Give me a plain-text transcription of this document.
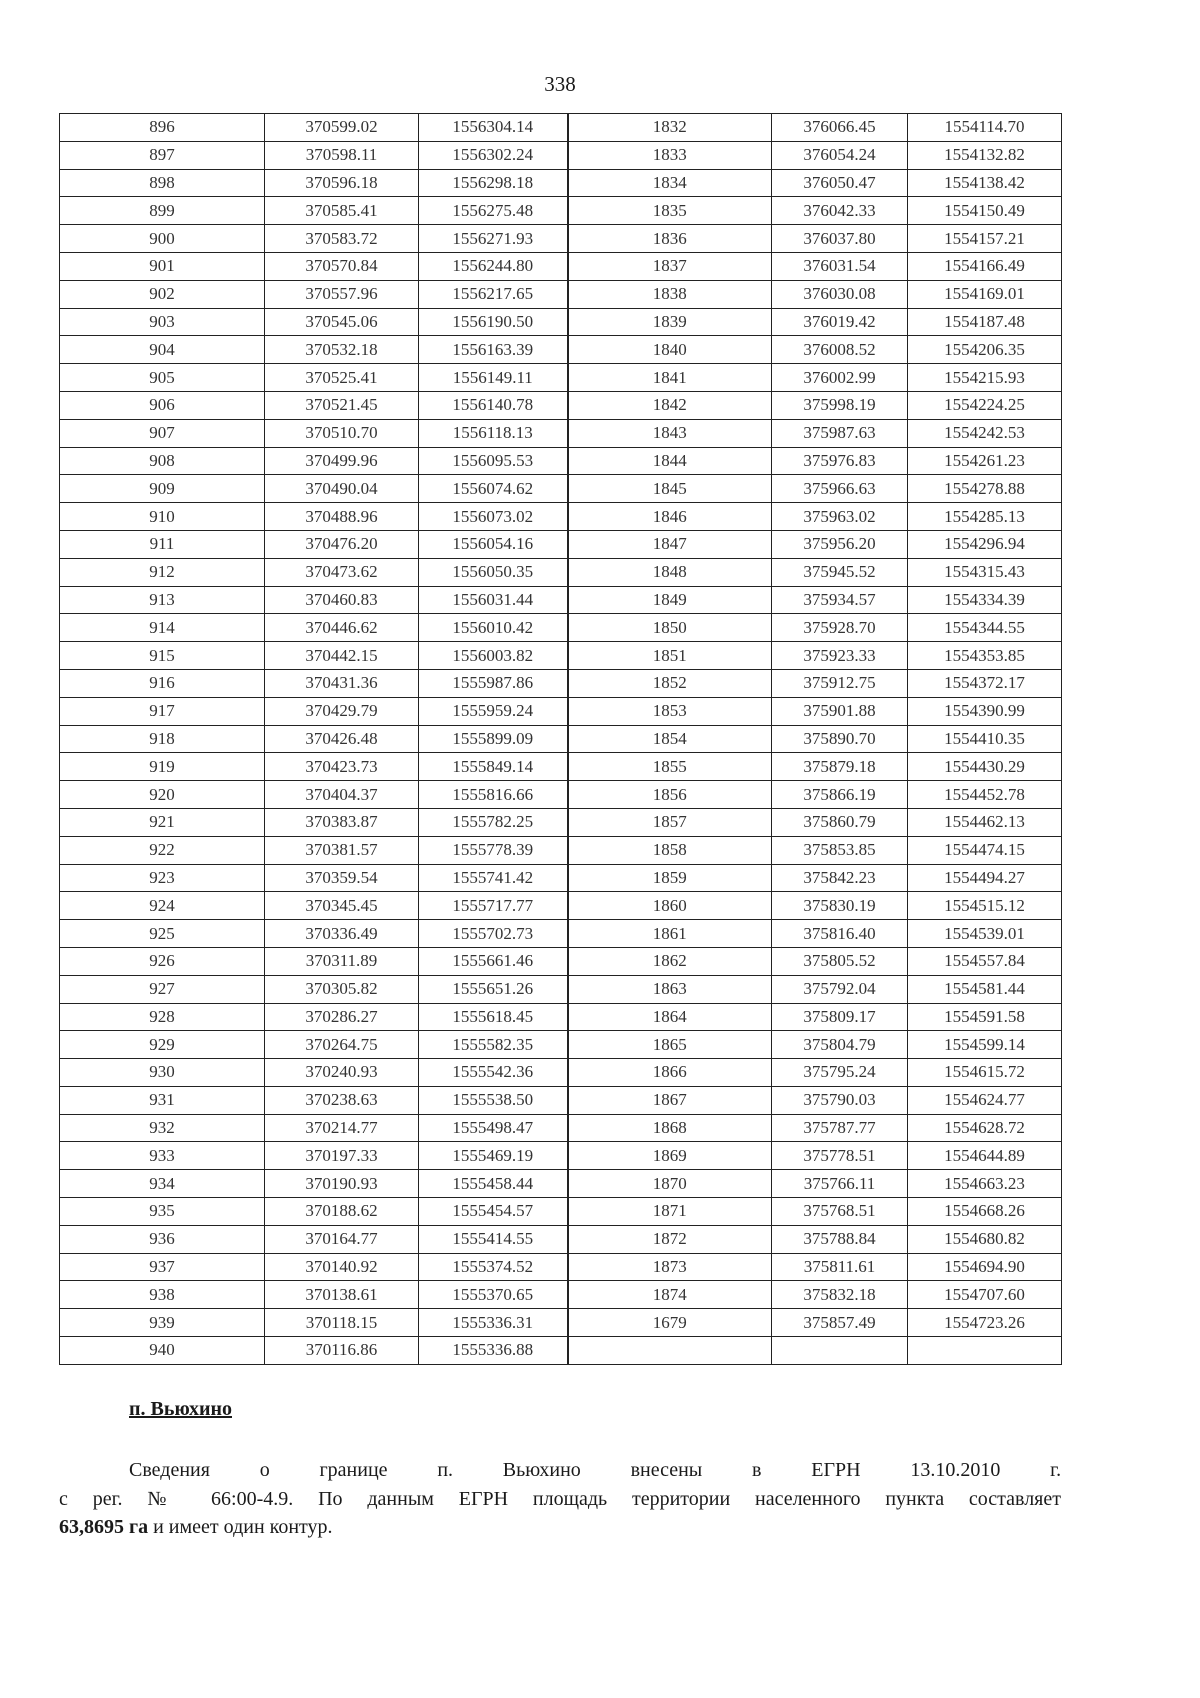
338
896	370599.02	1556304.14	1832	376066.45	1554114.70
897	370598.11	1556302.24	1833	376054.24	1554132.82
898	370596.18	1556298.18	1834	376050.47	1554138.42
899	370585.41	1556275.48	1835	376042.33	1554150.49
900	370583.72	1556271.93	1836	376037.80	1554157.21
901	370570.84	1556244.80	1837	376031.54	1554166.49
902	370557.96	1556217.65	1838	376030.08	1554169.01
903	370545.06	1556190.50	1839	376019.42	1554187.48
904	370532.18	1556163.39	1840	376008.52	1554206.35
905	370525.41	1556149.11	1841	376002.99	1554215.93
906	370521.45	1556140.78	1842	375998.19	1554224.25
907	370510.70	1556118.13	1843	375987.63	1554242.53
908	370499.96	1556095.53	1844	375976.83	1554261.23
909	370490.04	1556074.62	1845	375966.63	1554278.88
910	370488.96	1556073.02	1846	375963.02	1554285.13
911	370476.20	1556054.16	1847	375956.20	1554296.94
912	370473.62	1556050.35	1848	375945.52	1554315.43
913	370460.83	1556031.44	1849	375934.57	1554334.39
914	370446.62	1556010.42	1850	375928.70	1554344.55
915	370442.15	1556003.82	1851	375923.33	1554353.85
916	370431.36	1555987.86	1852	375912.75	1554372.17
917	370429.79	1555959.24	1853	375901.88	1554390.99
918	370426.48	1555899.09	1854	375890.70	1554410.35
919	370423.73	1555849.14	1855	375879.18	1554430.29
920	370404.37	1555816.66	1856	375866.19	1554452.78
921	370383.87	1555782.25	1857	375860.79	1554462.13
922	370381.57	1555778.39	1858	375853.85	1554474.15
923	370359.54	1555741.42	1859	375842.23	1554494.27
924	370345.45	1555717.77	1860	375830.19	1554515.12
925	370336.49	1555702.73	1861	375816.40	1554539.01
926	370311.89	1555661.46	1862	375805.52	1554557.84
927	370305.82	1555651.26	1863	375792.04	1554581.44
928	370286.27	1555618.45	1864	375809.17	1554591.58
929	370264.75	1555582.35	1865	375804.79	1554599.14
930	370240.93	1555542.36	1866	375795.24	1554615.72
931	370238.63	1555538.50	1867	375790.03	1554624.77
932	370214.77	1555498.47	1868	375787.77	1554628.72
933	370197.33	1555469.19	1869	375778.51	1554644.89
934	370190.93	1555458.44	1870	375766.11	1554663.23
935	370188.62	1555454.57	1871	375768.51	1554668.26
936	370164.77	1555414.55	1872	375788.84	1554680.82
937	370140.92	1555374.52	1873	375811.61	1554694.90
938	370138.61	1555370.65	1874	375832.18	1554707.60
939	370118.15	1555336.31	1679	375857.49	1554723.26
940	370116.86	1555336.88			
п. Вьюхино
Сведения о границе п. Вьюхино внесены в ЕГРН 13.10.2010 г.
с рег. № 66:00-4.9. По данным ЕГРН площадь территории населенного пункта составляет
63,8695 га и имеет один контур.
